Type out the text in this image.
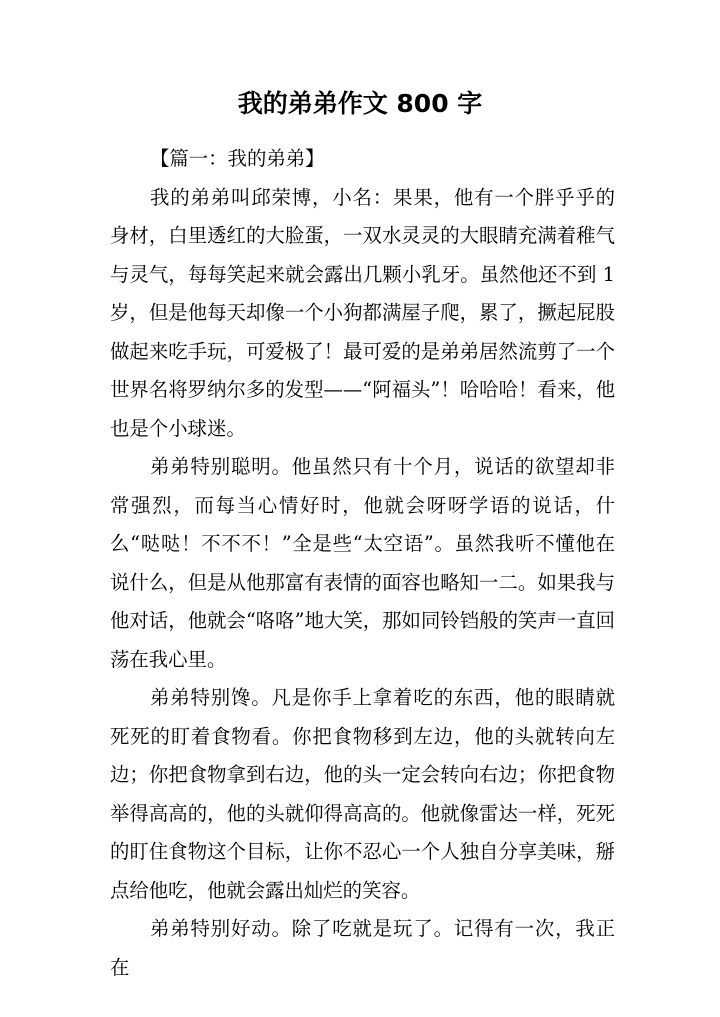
我的弟弟作文 800 字

【篇一：我的弟弟】

我的弟弟叫邱荣博，小名：果果，他有一个胖乎乎的身材，白里透红的大脸蛋，一双水灵灵的大眼睛充满着稚气与灵气，每每笑起来就会露出几颗小乳牙。虽然他还不到 1 岁，但是他每天却像一个小狗都满屋子爬，累了，撅起屁股做起来吃手玩，可爱极了！最可爱的是弟弟居然流剪了一个世界名将罗纳尔多的发型——“阿福头”！哈哈哈！看来，他也是个小球迷。

弟弟特别聪明。他虽然只有十个月，说话的欲望却非常强烈，而每当心情好时，他就会呀呀学语的说话，什么“哒哒！不不不！”全是些“太空语”。虽然我听不懂他在说什么，但是从他那富有表情的面容也略知一二。如果我与他对话，他就会“咯咯”地大笑，那如同铃铛般的笑声一直回荡在我心里。

弟弟特别馋。凡是你手上拿着吃的东西，他的眼睛就死死的盯着食物看。你把食物移到左边，他的头就转向左边；你把食物拿到右边，他的头一定会转向右边；你把食物举得高高的，他的头就仰得高高的。他就像雷达一样，死死的盯住食物这个目标，让你不忍心一个人独自分享美味，掰点给他吃，他就会露出灿烂的笑容。

弟弟特别好动。除了吃就是玩了。记得有一次，我正在
